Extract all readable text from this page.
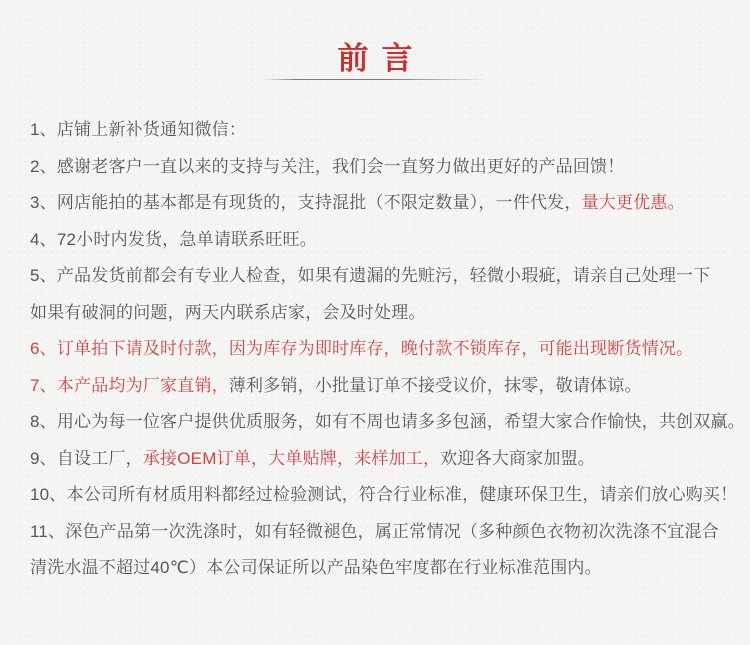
前言
1、店铺上新补货通知微信：
2、感谢老客户一直以来的支持与关注，我们会一直努力做出更好的产品回馈！
3、网店能拍的基本都是有现货的，支持混批（不限定数量），一件代发，量大更优惠。
4、72小时内发货，急单请联系旺旺。
5、产品发货前都会有专业人检查，如果有遗漏的先赃污，轻微小瑕疵，请亲自己处理一下
如果有破洞的问题，两天内联系店家，会及时处理。
6、订单拍下请及时付款，因为库存为即时库存，晚付款不锁库存，可能出现断货情况。
7、本产品均为厂家直销，薄利多销，小批量订单不接受议价，抹零，敬请体谅。
8、用心为每一位客户提供优质服务，如有不周也请多多包涵，希望大家合作愉快，共创双赢。
9、自设工厂，承接OEM订单，大单贴牌，来样加工，欢迎各大商家加盟。
10、本公司所有材质用料都经过检验测试，符合行业标准，健康环保卫生，请亲们放心购买！
11、深色产品第一次洗涤时，如有轻微褪色，属正常情况（多种颜色衣物初次洗涤不宜混合
清洗水温不超过40℃）本公司保证所以产品染色牢度都在行业标准范围内。
